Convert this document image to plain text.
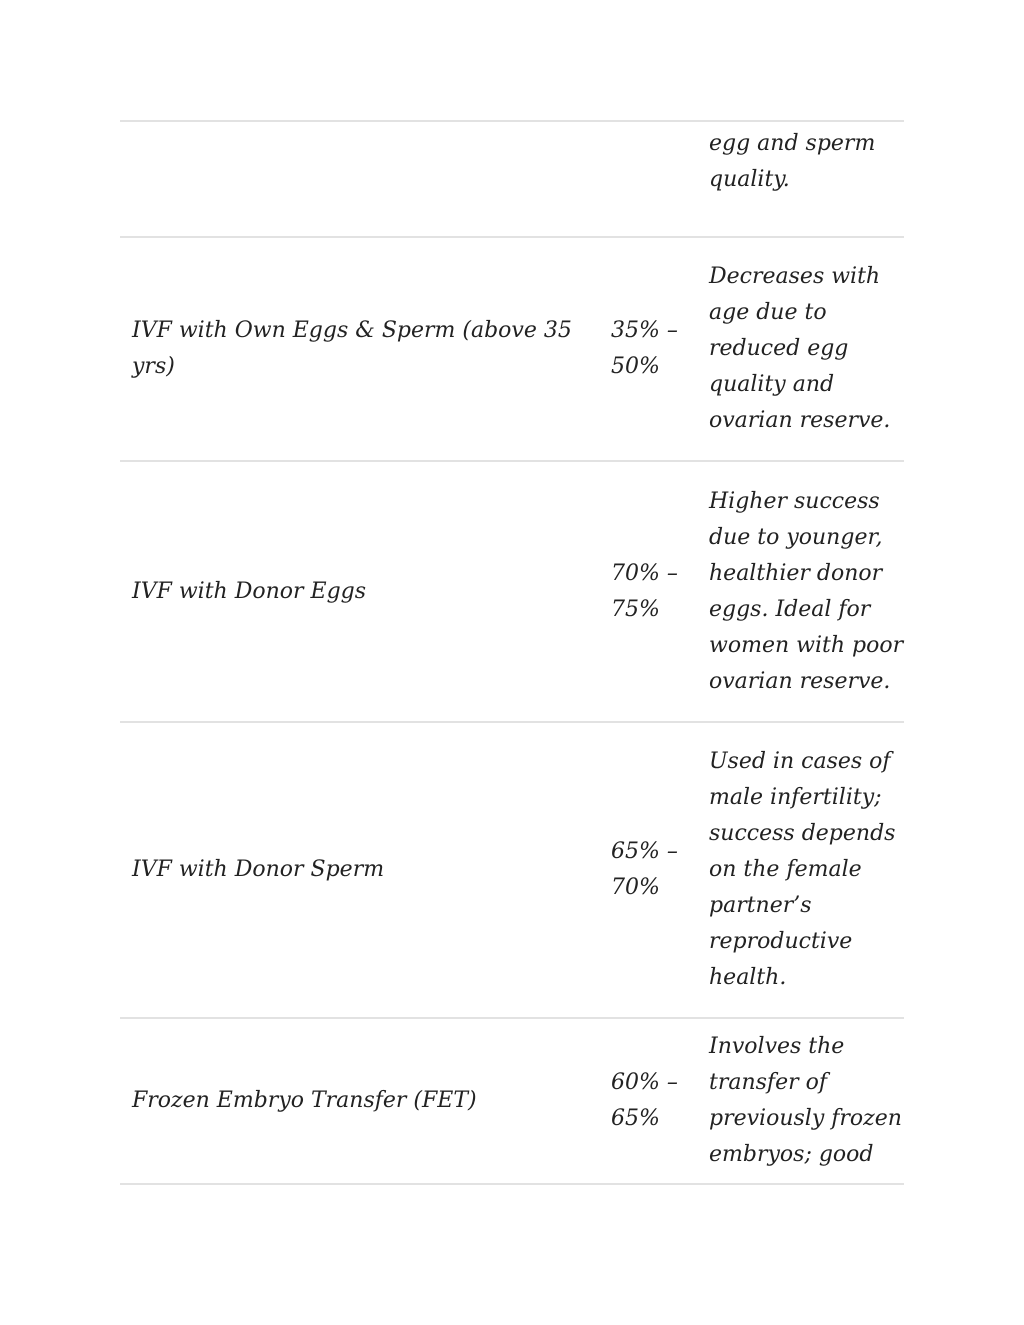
egg and sperm
quality.
IVF with Own Eggs & Sperm (above 35 yrs)
35% –
50%
Decreases with
age due to
reduced egg
quality and
ovarian reserve.
IVF with Donor Eggs
70% –
75%
Higher success
due to younger,
healthier donor
eggs. Ideal for
women with poor
ovarian reserve.
IVF with Donor Sperm
65% –
70%
Used in cases of
male infertility;
success depends
on the female
partner’s
reproductive
health.
Frozen Embryo Transfer (FET)
60% –
65%
Involves the
transfer of
previously frozen
embryos; good
